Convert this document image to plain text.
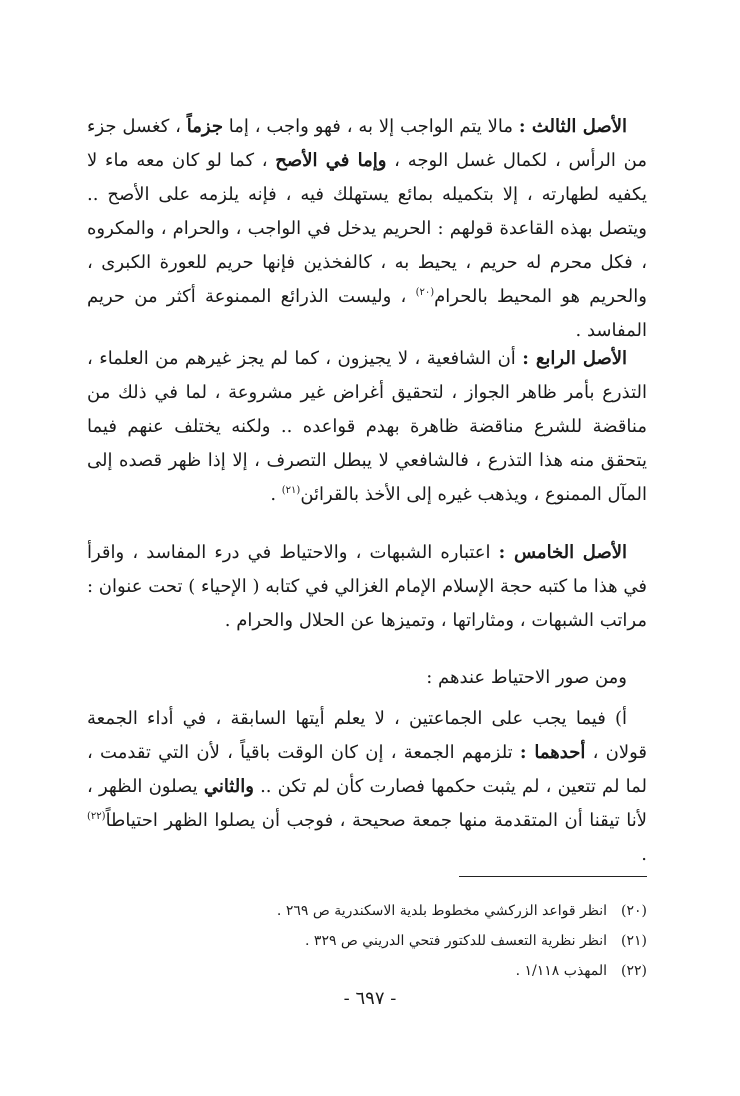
الأصل الثالث : مالا يتم الواجب إلا به ، فهو واجب ، إما جزماً ، كغسل جزء من الرأس ، لكمال غسل الوجه ، وإما في الأصح ، كما لو كان معه ماء لا يكفيه لطهارته ، إلا بتكميله بمائع يستهلك فيه ، فإنه يلزمه على الأصح .. ويتصل بهذه القاعدة قولهم : الحريم يدخل في الواجب ، والحرام ، والمكروه ، فكل محرم له حريم ، يحيط به ، كالفخذين فإنها حريم للعورة الكبرى ، والحريم هو المحيط بالحرام$^{(٢٠)}$ ، وليست الذرائع الممنوعة أكثر من حريم المفاسد .

الأصل الرابع : أن الشافعية ، لا يجيزون ، كما لم يجز غيرهم من العلماء ، التذرع بأمر ظاهر الجواز ، لتحقيق أغراض غير مشروعة ، لما في ذلك من مناقضة للشرع مناقضة ظاهرة بهدم قواعده .. ولكنه يختلف عنهم فيما يتحقق منه هذا التذرع ، فالشافعي لا يبطل التصرف ، إلا إذا ظهر قصده إلى المآل الممنوع ، ويذهب غيره إلى الأخذ بالقرائن$^{(٢١)}$ .

الأصل الخامس : اعتباره الشبهات ، والاحتياط في درء المفاسد ، واقرأ في هذا ما كتبه حجة الإسلام الإمام الغزالي في كتابه ( الإحياء ) تحت عنوان : مراتب الشبهات ، ومثاراتها ، وتميزها عن الحلال والحرام .

ومن صور الاحتياط عندهم :

أ) فيما يجب على الجماعتين ، لا يعلم أيتها السابقة ، في أداء الجمعة قولان ، أحدهما : تلزمهم الجمعة ، إن كان الوقت باقياً ، لأن التي تقدمت ، لما لم تتعين ، لم يثبت حكمها فصارت كأن لم تكن .. والثاني يصلون الظهر ، لأنا تيقنا أن المتقدمة منها جمعة صحيحة ، فوجب أن يصلوا الظهر احتياطاً$^{(٢٢)}$ .

(٢٠)
انظر قواعد الزركشي مخطوط بلدية الاسكندرية ص ٢٦٩ .
(٢١)
انظر نظرية التعسف للدكتور فتحي الدريني ص ٣٢٩ .
(٢٢)
المهذب ١/١١٨ .
- ٦٩٧ -
